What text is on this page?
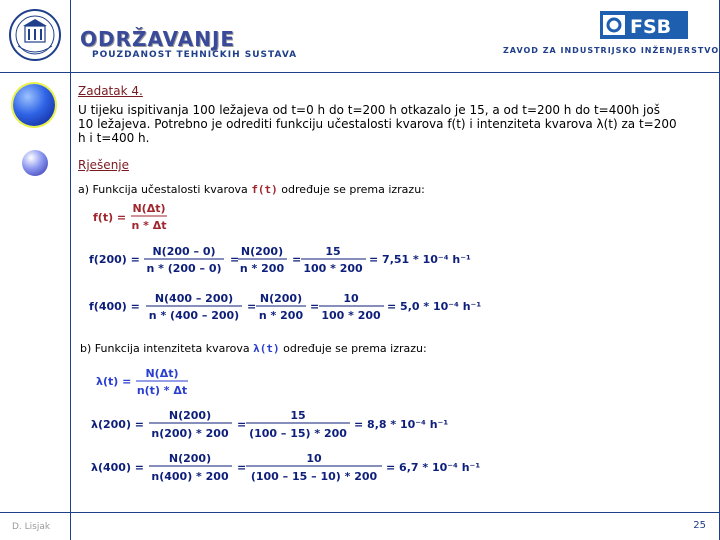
ODRŽAVANJE
POUZDANOST TEHNIČKIH SUSTAVA	ZAVOD ZA INDUSTRIJSKO INŽENJERSTVO
FSB
Zadatak 4.
U tijeku ispitivanja 100 ležajeva od t=0 h do t=200 h otkazalo je 15, a od t=200 h do t=400h još 10 ležajeva. Potrebno je odrediti funkciju učestalosti kvarova f(t) i intenziteta kvarova λ(t) za t=200 h i t=400 h.
Rješenje
a) Funkcija učestalosti kvarova f(t) određuje se prema izrazu:
b) Funkcija intenziteta kvarova λ(t) određuje se prema izrazu:
f(t) =
N(Δt)
n * Δt
f(200) =
N(200 – 0)
n * (200 – 0)
=
N(200)
n * 200
=
15
100 * 200
= 7,51 * 10⁻⁴ h⁻¹
f(400) =
N(400 – 200)
n * (400 – 200)
=
N(200)
n * 200
=
10
100 * 200
= 5,0 * 10⁻⁴ h⁻¹
λ(t) =
N(Δt)
n(t) * Δt
λ(200) =
N(200)
n(200) * 200
=
15
(100 – 15) * 200
= 8,8 * 10⁻⁴ h⁻¹
λ(400) =
N(200)
n(400) * 200
=
10
(100 – 15 – 10) * 200
= 6,7 * 10⁻⁴ h⁻¹
D. Lisjak	25
